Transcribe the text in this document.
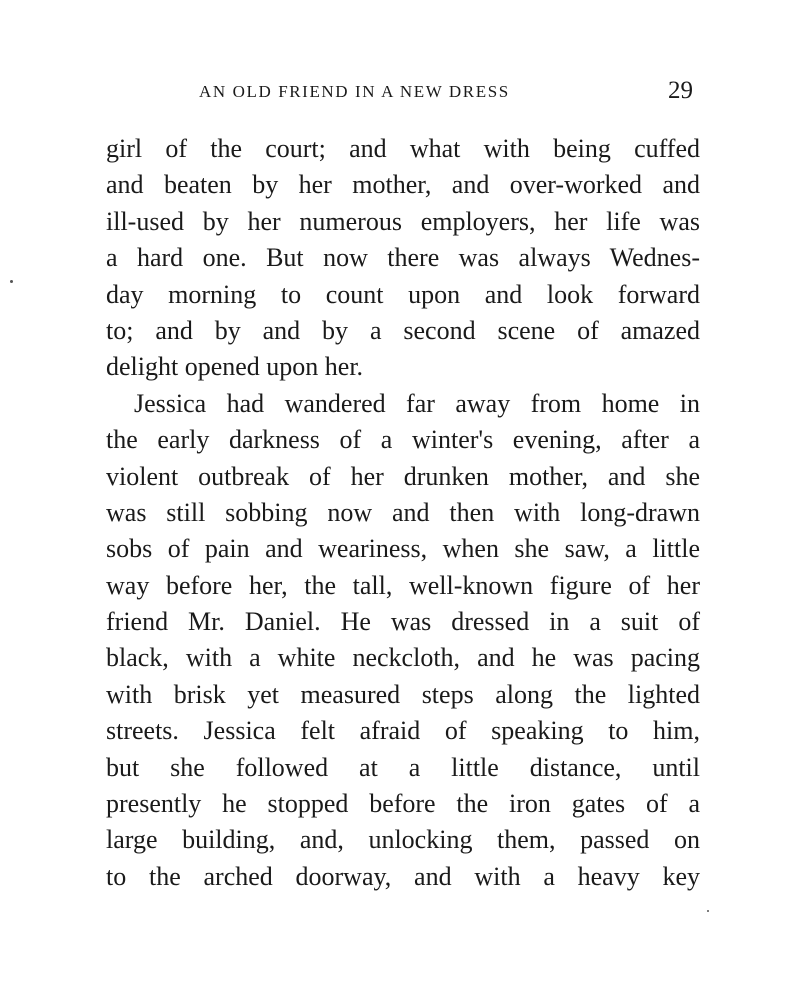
AN OLD FRIEND IN A NEW DRESS	29
girl of the court; and what with being cuffed
and beaten by her mother, and over-worked and
ill-used by her numerous employers, her life was
a hard one. But now there was always Wednes-
day morning to count upon and look forward
to; and by and by a second scene of amazed
delight opened upon her.
Jessica had wandered far away from home in
the early darkness of a winter's evening, after a
violent outbreak of her drunken mother, and she
was still sobbing now and then with long-drawn
sobs of pain and weariness, when she saw, a little
way before her, the tall, well-known figure of her
friend Mr. Daniel. He was dressed in a suit of
black, with a white neckcloth, and he was pacing
with brisk yet measured steps along the lighted
streets. Jessica felt afraid of speaking to him,
but she followed at a little distance, until
presently he stopped before the iron gates of a
large building, and, unlocking them, passed on
to the arched doorway, and with a heavy key
